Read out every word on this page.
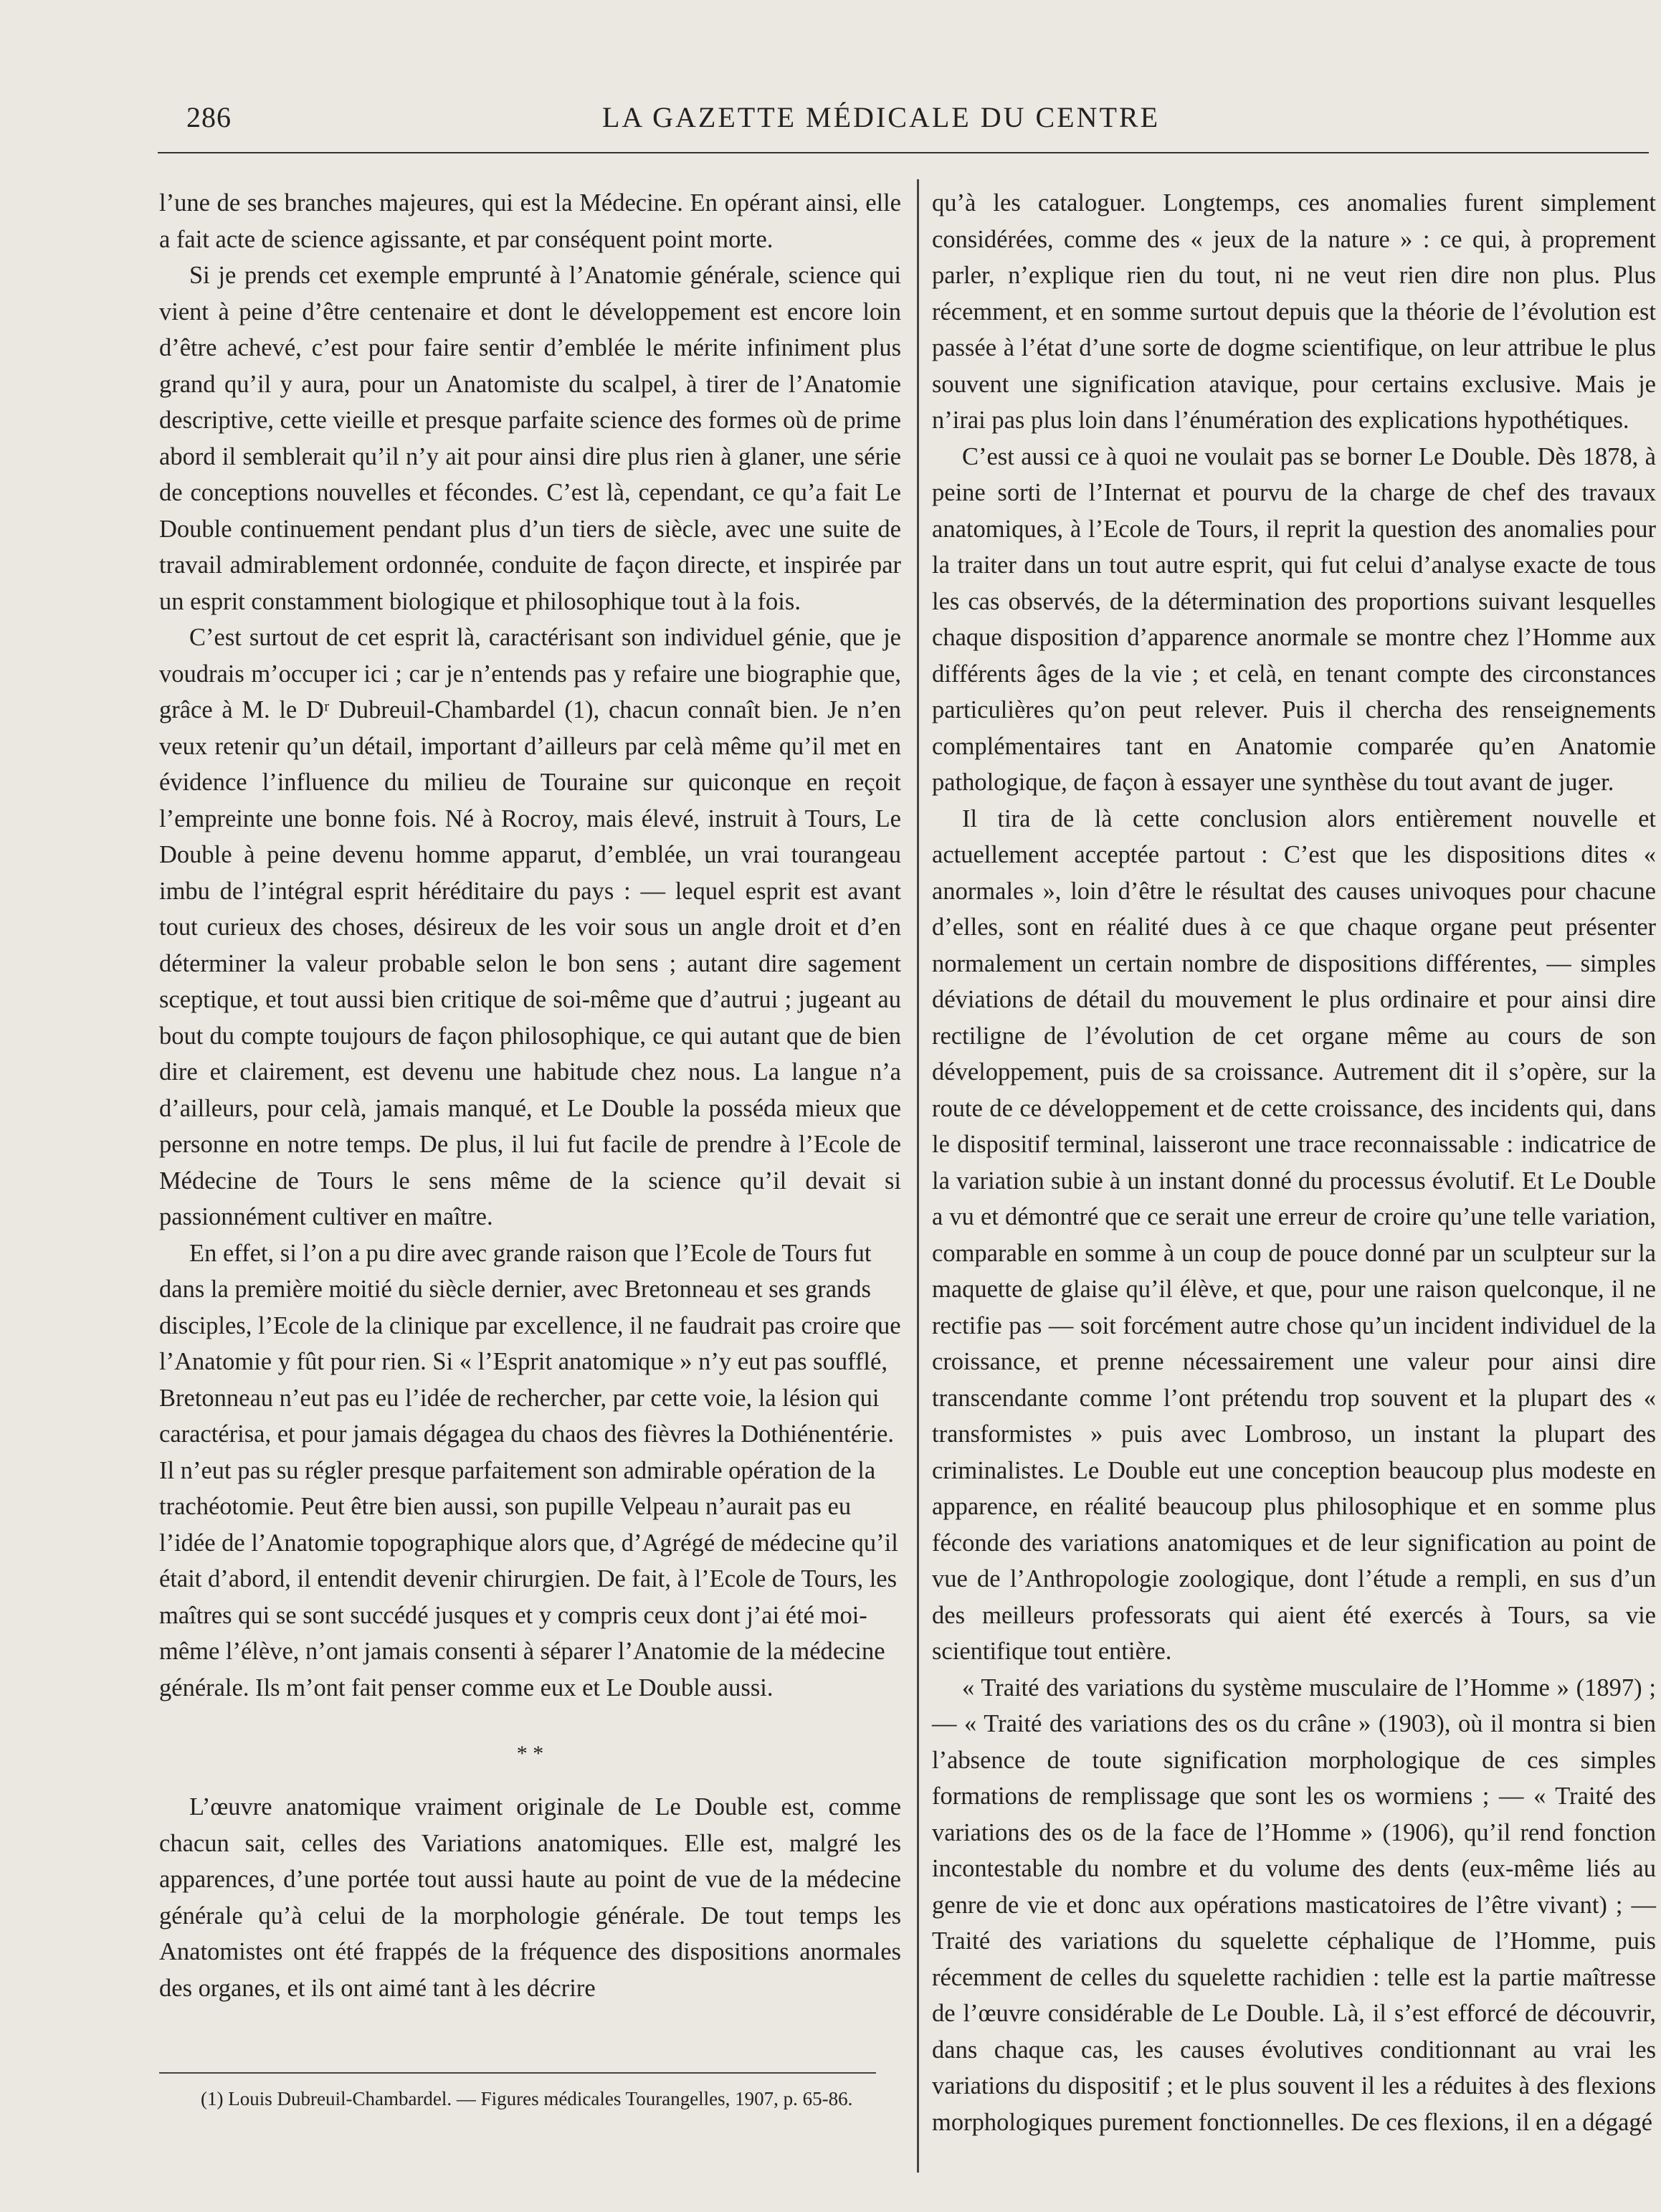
286	LA GAZETTE MÉDICALE DU CENTRE

l’une de ses branches majeures, qui est la Médecine. En opérant ainsi, elle a fait acte de science agissante, et par conséquent point morte.

Si je prends cet exemple emprunté à l’Anatomie générale, science qui vient à peine d’être centenaire et dont le développement est encore loin d’être achevé, c’est pour faire sentir d’emblée le mérite infiniment plus grand qu’il y aura, pour un Anatomiste du scalpel, à tirer de l’Anatomie descriptive, cette vieille et presque parfaite science des formes où de prime abord il semblerait qu’il n’y ait pour ainsi dire plus rien à glaner, une série de conceptions nouvelles et fécondes. C’est là, cependant, ce qu’a fait Le Double continuement pendant plus d’un tiers de siècle, avec une suite de travail admirablement ordonnée, conduite de façon directe, et inspirée par un esprit constamment biologique et philosophique tout à la fois.

C’est surtout de cet esprit là, caractérisant son individuel génie, que je voudrais m’occuper ici ; car je n’entends pas y refaire une biographie que, grâce à M. le Dʳ Dubreuil-Chambardel (1), chacun connaît bien. Je n’en veux retenir qu’un détail, important d’ailleurs par celà même qu’il met en évidence l’influence du milieu de Touraine sur quiconque en reçoit l’empreinte une bonne fois. Né à Rocroy, mais élevé, instruit à Tours, Le Double à peine devenu homme apparut, d’emblée, un vrai tourangeau imbu de l’intégral esprit héréditaire du pays : — lequel esprit est avant tout curieux des choses, désireux de les voir sous un angle droit et d’en déterminer la valeur probable selon le bon sens ; autant dire sagement sceptique, et tout aussi bien critique de soi-même que d’autrui ; jugeant au bout du compte toujours de façon philosophique, ce qui autant que de bien dire et clairement, est devenu une habitude chez nous. La langue n’a d’ailleurs, pour celà, jamais manqué, et Le Double la posséda mieux que personne en notre temps. De plus, il lui fut facile de prendre à l’Ecole de Médecine de Tours le sens même de la science qu’il devait si passionnément cultiver en maître.

En effet, si l’on a pu dire avec grande raison que l’Ecole de Tours fut dans la première moitié du siècle dernier, avec Bretonneau et ses grands disciples, l’Ecole de la clinique par excellence, il ne faudrait pas croire que l’Anatomie y fût pour rien. Si « l’Esprit anatomique » n’y eut pas soufflé, Bretonneau n’eut pas eu l’idée de rechercher, par cette voie, la lésion qui caractérisa, et pour jamais dégagea du chaos des fièvres la Dothiénentérie. Il n’eut pas su régler presque parfaitement son admirable opération de la trachéotomie. Peut être bien aussi, son pupille Velpeau n’aurait pas eu l’idée de l’Anatomie topographique alors que, d’Agrégé de médecine qu’il était d’abord, il entendit devenir chirurgien. De fait, à l’Ecole de Tours, les maîtres qui se sont succédé jusques et y compris ceux dont j’ai été moi-même l’élève, n’ont jamais consenti à séparer l’Anatomie de la médecine générale. Ils m’ont fait penser comme eux et Le Double aussi.

* *

L’œuvre anatomique vraiment originale de Le Double est, comme chacun sait, celles des Variations anatomiques. Elle est, malgré les apparences, d’une portée tout aussi haute au point de vue de la médecine générale qu’à celui de la morphologie générale. De tout temps les Anatomistes ont été frappés de la fréquence des dispositions anormales des organes, et ils ont aimé tant à les décrire

(1) Louis Dubreuil-Chambardel. — Figures médicales Tourangelles, 1907, p. 65-86.

qu’à les cataloguer. Longtemps, ces anomalies furent simplement considérées, comme des « jeux de la nature » : ce qui, à proprement parler, n’explique rien du tout, ni ne veut rien dire non plus. Plus récemment, et en somme surtout depuis que la théorie de l’évolution est passée à l’état d’une sorte de dogme scientifique, on leur attribue le plus souvent une signification atavique, pour certains exclusive. Mais je n’irai pas plus loin dans l’énumération des explications hypothétiques.

C’est aussi ce à quoi ne voulait pas se borner Le Double. Dès 1878, à peine sorti de l’Internat et pourvu de la charge de chef des travaux anatomiques, à l’Ecole de Tours, il reprit la question des anomalies pour la traiter dans un tout autre esprit, qui fut celui d’analyse exacte de tous les cas observés, de la détermination des proportions suivant lesquelles chaque disposition d’apparence anormale se montre chez l’Homme aux différents âges de la vie ; et celà, en tenant compte des circonstances particulières qu’on peut relever. Puis il chercha des renseignements complémentaires tant en Anatomie comparée qu’en Anatomie pathologique, de façon à essayer une synthèse du tout avant de juger.

Il tira de là cette conclusion alors entièrement nouvelle et actuellement acceptée partout : C’est que les dispositions dites « anormales », loin d’être le résultat des causes univoques pour chacune d’elles, sont en réalité dues à ce que chaque organe peut présenter normalement un certain nombre de dispositions différentes, — simples déviations de détail du mouvement le plus ordinaire et pour ainsi dire rectiligne de l’évolution de cet organe même au cours de son développement, puis de sa croissance. Autrement dit il s’opère, sur la route de ce développement et de cette croissance, des incidents qui, dans le dispositif terminal, laisseront une trace reconnaissable : indicatrice de la variation subie à un instant donné du processus évolutif. Et Le Double a vu et démontré que ce serait une erreur de croire qu’une telle variation, comparable en somme à un coup de pouce donné par un sculpteur sur la maquette de glaise qu’il élève, et que, pour une raison quelconque, il ne rectifie pas — soit forcément autre chose qu’un incident individuel de la croissance, et prenne nécessairement une valeur pour ainsi dire transcendante comme l’ont prétendu trop souvent et la plupart des « transformistes » puis avec Lombroso, un instant la plupart des criminalistes. Le Double eut une conception beaucoup plus modeste en apparence, en réalité beaucoup plus philosophique et en somme plus féconde des variations anatomiques et de leur signification au point de vue de l’Anthropologie zoologique, dont l’étude a rempli, en sus d’un des meilleurs professorats qui aient été exercés à Tours, sa vie scientifique tout entière.

« Traité des variations du système musculaire de l’Homme » (1897) ; — « Traité des variations des os du crâne » (1903), où il montra si bien l’absence de toute signification morphologique de ces simples formations de remplissage que sont les os wormiens ; — « Traité des variations des os de la face de l’Homme » (1906), qu’il rend fonction incontestable du nombre et du volume des dents (eux-même liés au genre de vie et donc aux opérations masticatoires de l’être vivant) ; — Traité des variations du squelette céphalique de l’Homme, puis récemment de celles du squelette rachidien : telle est la partie maîtresse de l’œuvre considérable de Le Double. Là, il s’est efforcé de découvrir, dans chaque cas, les causes évolutives conditionnant au vrai les variations du dispositif ; et le plus souvent il les a réduites à des flexions morphologiques purement fonctionnelles. De ces flexions, il en a dégagé
